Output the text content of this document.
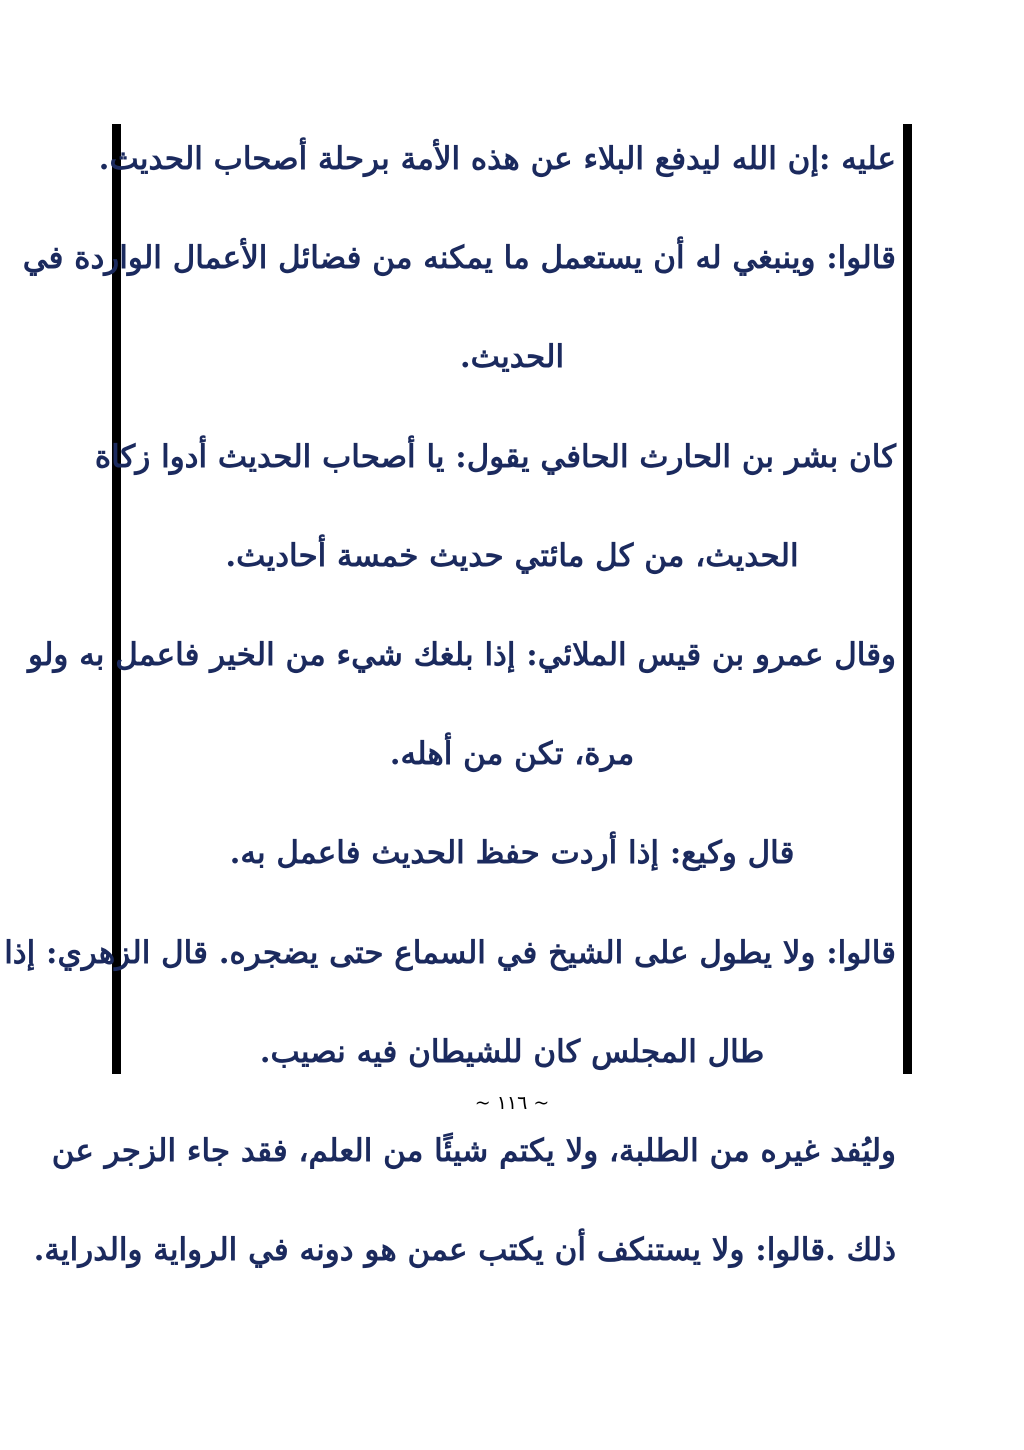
عليه :إن الله ليدفع البلاء عن هذه الأمة برحلة أصحاب الحديث.
قالوا: وينبغي له أن يستعمل ما يمكنه من فضائل الأعمال الواردة في
الحديث.
كان بشر بن الحارث الحافي يقول: يا أصحاب الحديث أدوا زكاة
الحديث، من كل مائتي حديث خمسة أحاديث.
وقال عمرو بن قيس الملائي: إذا بلغك شيء من الخير فاعمل به ولو
مرة، تكن من أهله.
قال وكيع: إذا أردت حفظ الحديث فاعمل به.
قالوا: ولا يطول على الشيخ في السماع حتى يضجره. قال الزهري: إذا
طال المجلس كان للشيطان فيه نصيب.
وليُفد غيره من الطلبة، ولا يكتم شيئًا من العلم، فقد جاء الزجر عن
ذلك .قالوا: ولا يستنكف أن يكتب عمن هو دونه في الرواية والدراية.
~ ١١٦ ~
